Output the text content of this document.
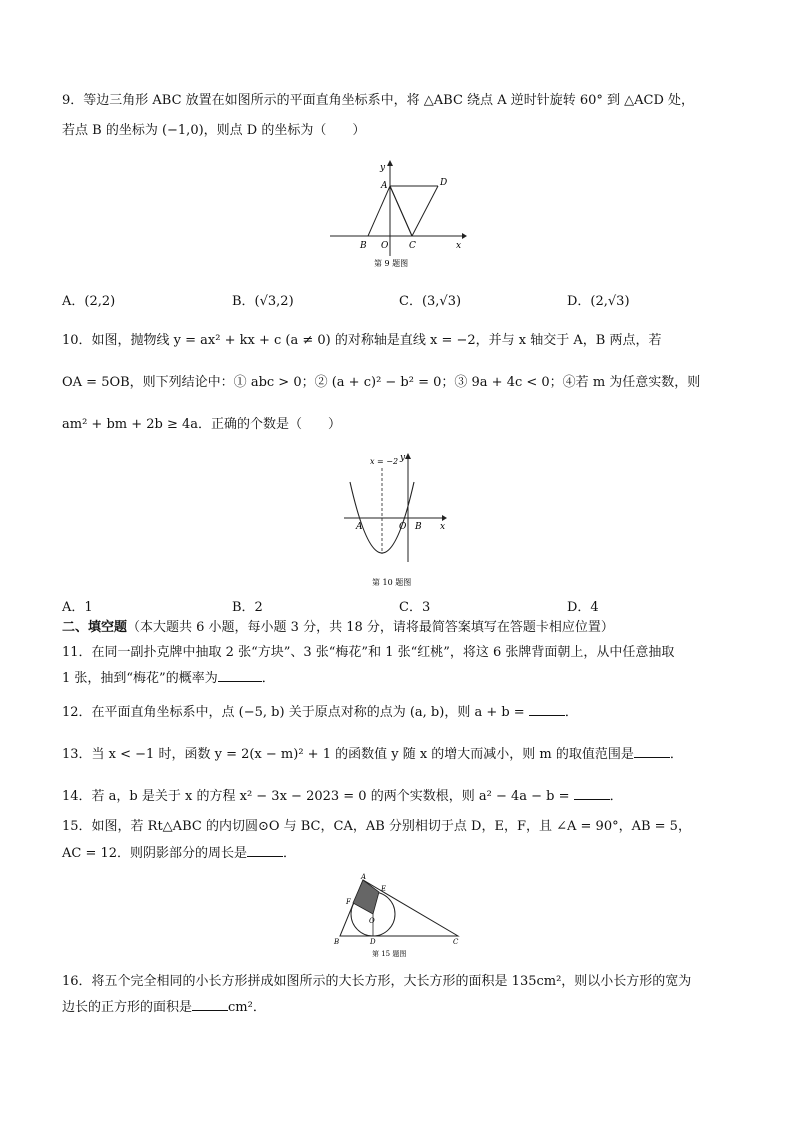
9．等边三角形 ABC 放置在如图所示的平面直角坐标系中，将 △ABC 绕点 A 逆时针旋转 60° 到 △ACD 处，
若点 B 的坐标为 (−1,0)，则点 D 的坐标为（　　）
y
x
A	D
B O C
第 9 题图
A．(2,2)	B．(√3,2)	C．(3,√3)	D．(2,√3)
10．如图，抛物线 y = ax² + kx + c (a ≠ 0) 的对称轴是直线 x = −2，并与 x 轴交于 A，B 两点，若
OA = 5OB，则下列结论中：① abc > 0；② (a + c)² − b² = 0；③ 9a + 4c < 0；④若 m 为任意实数，则
am² + bm + 2b ≥ 4a．正确的个数是（　　）
x = −2 y
x
A	O B
第 10 题图
A．1	B．2	C．3	D．4
二、填空题（本大题共 6 小题，每小题 3 分，共 18 分，请将最简答案填写在答题卡相应位置）
11．在同一副扑克牌中抽取 2 张“方块”、3 张“梅花”和 1 张“红桃”，将这 6 张牌背面朝上，从中任意抽取
1 张，抽到“梅花”的概率为	．
12．在平面直角坐标系中，点 (−5, b) 关于原点对称的点为 (a, b)，则 a + b =	．
13．当 x < −1 时，函数 y = 2(x − m)² + 1 的函数值 y 随 x 的增大而减小，则 m 的取值范围是	．
14．若 a，b 是关于 x 的方程 x² − 3x − 2023 = 0 的两个实数根，则 a² − 4a − b =	．
15．如图，若 Rt△ABC 的内切圆⊙O 与 BC，CA，AB 分别相切于点 D，E，F，且 ∠A = 90°，AB = 5，
AC = 12．则阴影部分的周长是	．
A
E
F
O
B	D	C
第 15 题图
16．将五个完全相同的小长方形拼成如图所示的大长方形，大长方形的面积是 135cm²，则以小长方形的宽为
边长的正方形的面积是	cm²．
